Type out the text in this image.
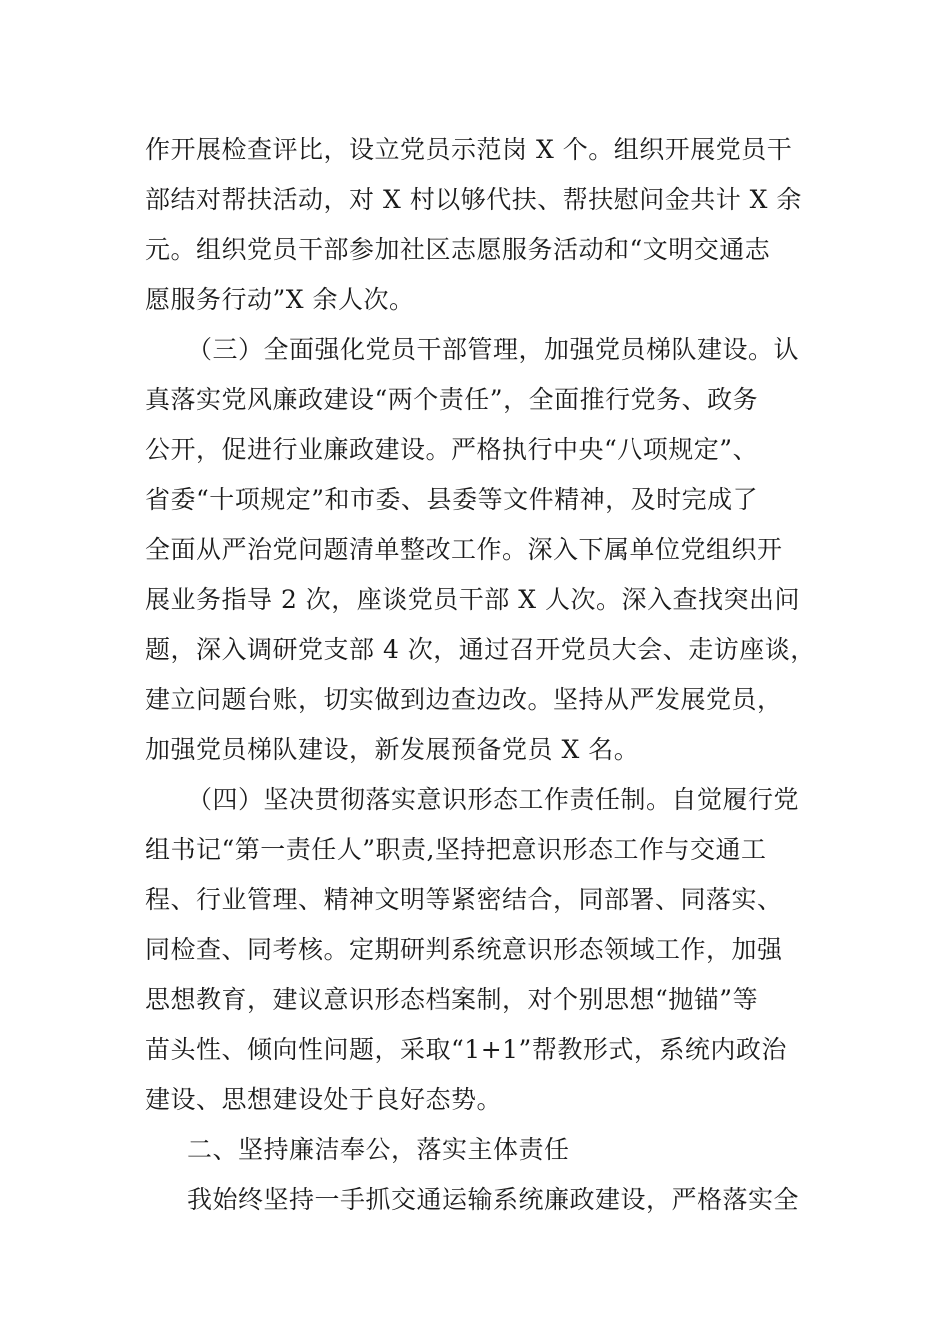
作开展检查评比，设立党员示范岗 X 个。组织开展党员干
部结对帮扶活动，对 X 村以够代扶、帮扶慰问金共计 X 余
元。组织党员干部参加社区志愿服务活动和“文明交通志
愿服务行动”X 余人次。
（三）全面强化党员干部管理，加强党员梯队建设。认
真落实党风廉政建设“两个责任”，全面推行党务、政务
公开，促进行业廉政建设。严格执行中央“八项规定”、
省委“十项规定”和市委、县委等文件精神，及时完成了
全面从严治党问题清单整改工作。深入下属单位党组织开
展业务指导 2 次，座谈党员干部 X 人次。深入查找突出问
题，深入调研党支部 4 次，通过召开党员大会、走访座谈，
建立问题台账，切实做到边查边改。坚持从严发展党员，
加强党员梯队建设，新发展预备党员 X 名。
（四）坚决贯彻落实意识形态工作责任制。自觉履行党
组书记“第一责任人”职责,坚持把意识形态工作与交通工
程、行业管理、精神文明等紧密结合，同部署、同落实、
同检查、同考核。定期研判系统意识形态领域工作，加强
思想教育，建议意识形态档案制，对个别思想“抛锚”等
苗头性、倾向性问题，采取“1+1”帮教形式，系统内政治
建设、思想建设处于良好态势。
二、坚持廉洁奉公，落实主体责任
我始终坚持一手抓交通运输系统廉政建设，严格落实全
